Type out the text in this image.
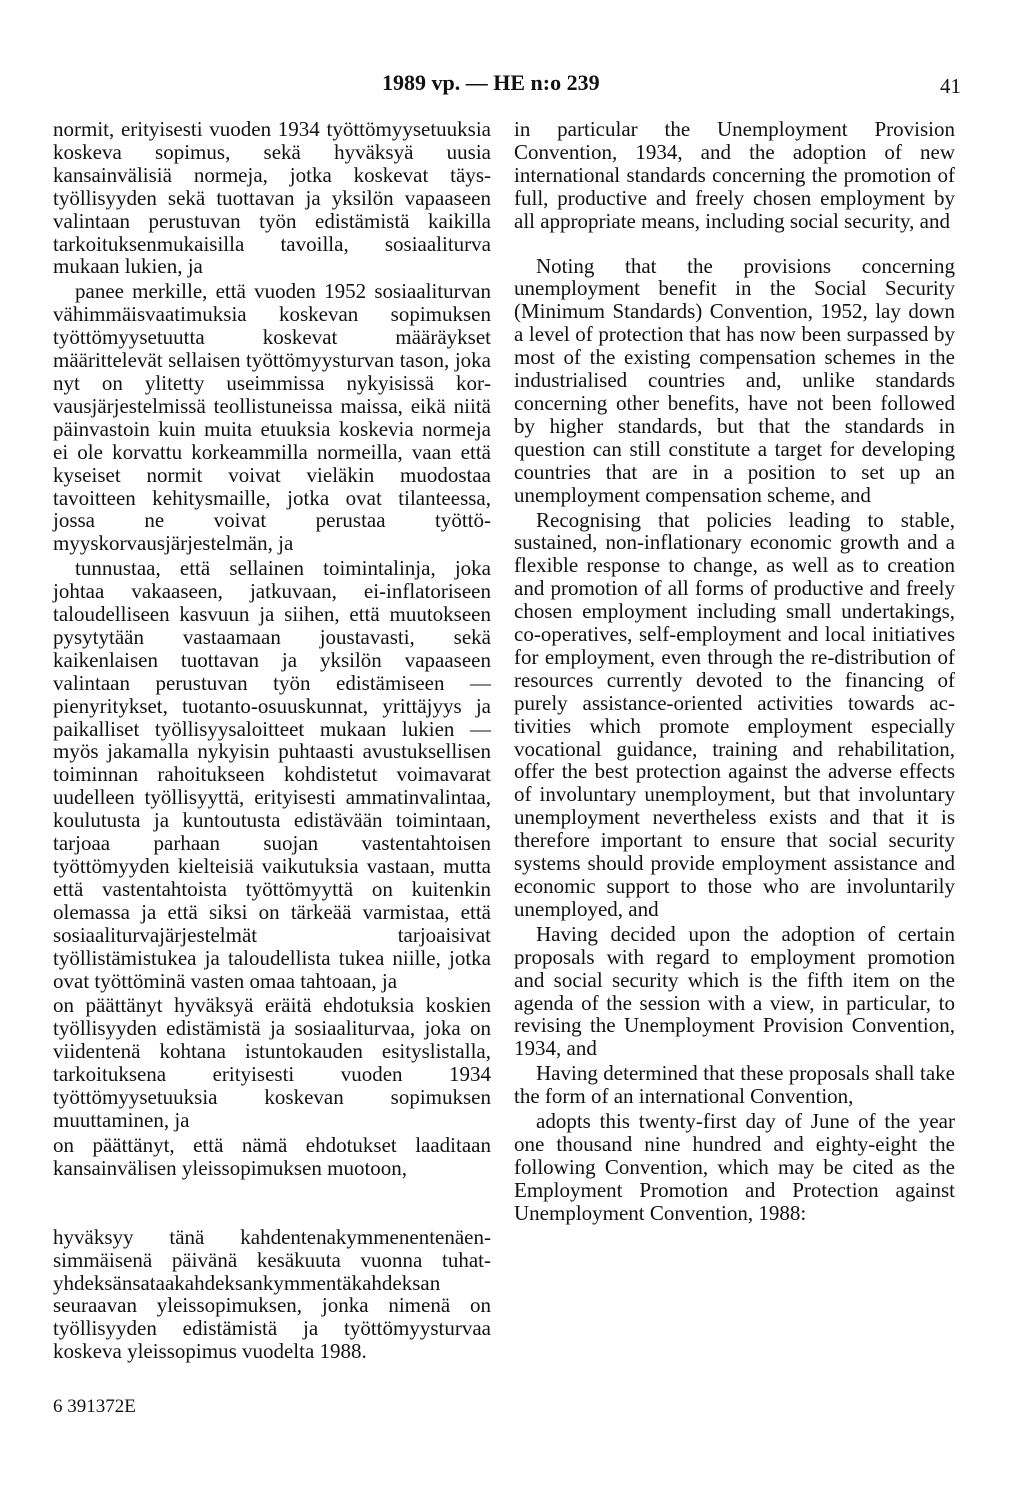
1989 vp. — HE n:o 239	41

normit, erityisesti vuoden 1934 työttömyysetuuksia koskeva sopimus, sekä hyväksyä uusia kansainvälisiä normeja, jotka koskevat täystyöllisyyden sekä tuottavan ja yksilön vapaaseen valintaan perustuvan työn edistämistä kaikilla tarkoituksenmukaisilla tavoilla, sosiaaliturva mukaan lukien, ja

panee merkille, että vuoden 1952 sosiaaliturvan vähimmäisvaatimuksia koskevan sopimuksen työttömyysetuutta koskevat määräykset määrittelevät sellaisen työttömyysturvan tason, joka nyt on ylitetty useimmissa nykyisissä korvausjärjestelmissä teollistuneissa maissa, eikä niitä päinvastoin kuin muita etuuksia koskevia normeja ei ole korvattu korkeammilla normeilla, vaan että kyseiset normit voivat vieläkin muodostaa tavoitteen kehitysmaille, jotka ovat tilanteessa, jossa ne voivat perustaa työttömyyskorvausjärjestelmän, ja

tunnustaa, että sellainen toimintalinja, joka johtaa vakaaseen, jatkuvaan, ei-inflatoriseen taloudelliseen kasvuun ja siihen, että muutokseen pysytytään vastaamaan joustavasti, sekä kaikenlaisen tuottavan ja yksilön vapaaseen valintaan perustuvan työn edistämiseen — pienyritykset, tuotanto-osuuskunnat, yrittäjyys ja paikalliset työllisyysaloitteet mukaan lukien — myös jakamalla nykyisin puhtaasti avustuksellisen toiminnan rahoitukseen kohdistetut voimavarat uudelleen työllisyyttä, erityisesti ammatinvalintaa, koulutusta ja kuntoutusta edistävään toimintaan, tarjoaa parhaan suojan vastentahtoisen työttömyyden kielteisiä vaikutuksia vastaan, mutta että vastentahtoista työttömyyttä on kuitenkin olemassa ja että siksi on tärkeää varmistaa, että sosiaaliturvajärjestelmät tarjoaisivat työllistämistukea ja taloudellista tukea niille, jotka ovat työttöminä vasten omaa tahtoaan, ja

on päättänyt hyväksyä eräitä ehdotuksia koskien työllisyyden edistämistä ja sosiaaliturvaa, joka on viidentenä kohtana istuntokauden esityslistalla, tarkoituksena erityisesti vuoden 1934 työttömyysetuuksia koskevan sopimuksen muuttaminen, ja

on päättänyt, että nämä ehdotukset laaditaan kansainvälisen yleissopimuksen muotoon,

hyväksyy tänä kahdentenakymmenentenäensimmäisenä päivänä kesäkuuta vuonna tuhatyhdeksänsataakahdeksankymmentäkahdeksan seuraavan yleissopimuksen, jonka nimenä on työllisyyden edistämistä ja työttömyysturvaa koskeva yleissopimus vuodelta 1988.

in particular the Unemployment Provision Convention, 1934, and the adoption of new international standards concerning the promotion of full, productive and freely chosen employment by all appropriate means, including social security, and

Noting that the provisions concerning unemployment benefit in the Social Security (Minimum Standards) Convention, 1952, lay down a level of protection that has now been surpassed by most of the existing compensation schemes in the industrialised countries and, unlike standards concerning other benefits, have not been followed by higher standards, but that the standards in question can still constitute a target for developing countries that are in a position to set up an unemployment compensation scheme, and

Recognising that policies leading to stable, sustained, non-inflationary economic growth and a flexible response to change, as well as to creation and promotion of all forms of productive and freely chosen employment including small undertakings, co-operatives, self-employment and local initiatives for employment, even through the re-distribution of resources currently devoted to the financing of purely assistance-oriented activities towards activities which promote employment especially vocational guidance, training and rehabilitation, offer the best protection against the adverse effects of involuntary unemployment, but that involuntary unemployment nevertheless exists and that it is therefore important to ensure that social security systems should provide employment assistance and economic support to those who are involuntarily unemployed, and

Having decided upon the adoption of certain proposals with regard to employment promotion and social security which is the fifth item on the agenda of the session with a view, in particular, to revising the Unemployment Provision Convention, 1934, and

Having determined that these proposals shall take the form of an international Convention,

adopts this twenty-first day of June of the year one thousand nine hundred and eighty-eight the following Convention, which may be cited as the Employment Promotion and Protection against Unemployment Convention, 1988:

6 391372E
